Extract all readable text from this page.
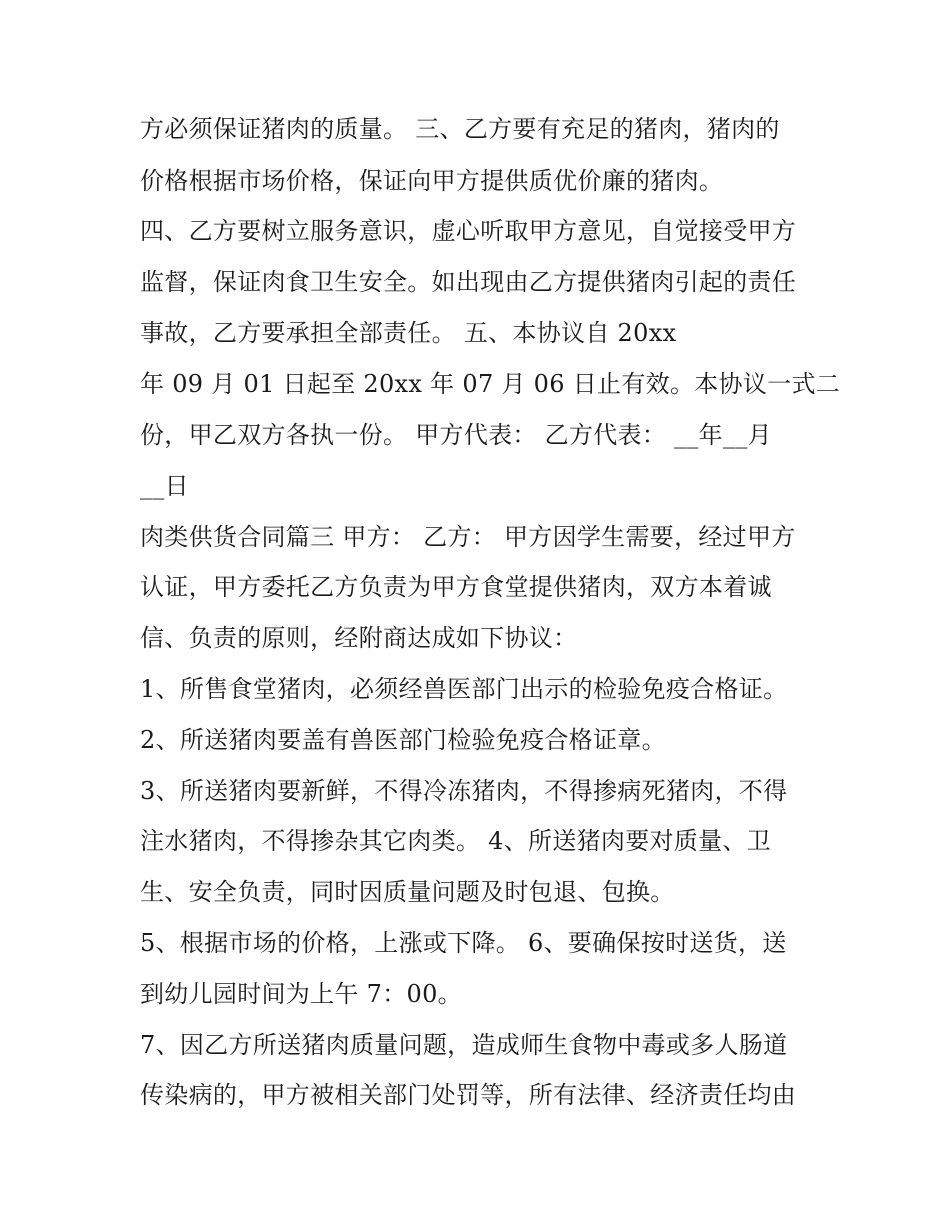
方必须保证猪肉的质量。 三、乙方要有充足的猪肉，猪肉的
价格根据市场价格，保证向甲方提供质优价廉的猪肉。
四、乙方要树立服务意识，虚心听取甲方意见，自觉接受甲方
监督，保证肉食卫生安全。如出现由乙方提供猪肉引起的责任
事故，乙方要承担全部责任。 五、本协议自 20xx
年 09 月 01 日起至 20xx 年 07 月 06 日止有效。本协议一式二
份，甲乙双方各执一份。 甲方代表： 乙方代表： __年__月
__日
肉类供货合同篇三 甲方： 乙方： 甲方因学生需要，经过甲方
认证，甲方委托乙方负责为甲方食堂提供猪肉，双方本着诚
信、负责的原则，经附商达成如下协议：
1、所售食堂猪肉，必须经兽医部门出示的检验免疫合格证。
2、所送猪肉要盖有兽医部门检验免疫合格证章。
3、所送猪肉要新鲜，不得冷冻猪肉，不得掺病死猪肉，不得
注水猪肉，不得掺杂其它肉类。 4、所送猪肉要对质量、卫
生、安全负责，同时因质量问题及时包退、包换。
5、根据市场的价格，上涨或下降。 6、要确保按时送货，送
到幼儿园时间为上午 7：00。
7、因乙方所送猪肉质量问题，造成师生食物中毒或多人肠道
传染病的，甲方被相关部门处罚等，所有法律、经济责任均由
